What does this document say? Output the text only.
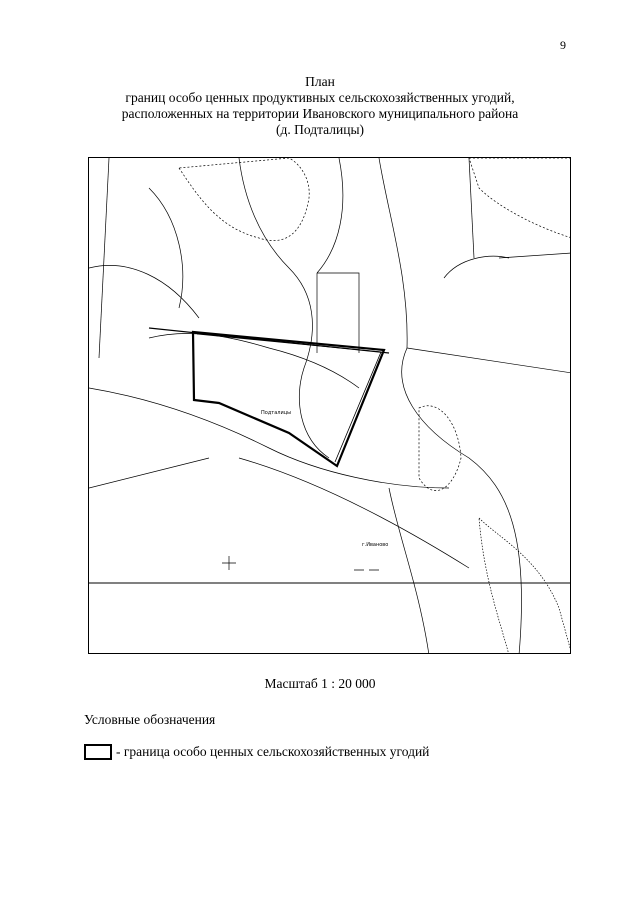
9
План
границ особо ценных продуктивных сельскохозяйственных угодий,
расположенных на территории Ивановского муниципального района
(д. Подталицы)
Подталицы
г.Иваново
Масштаб 1 : 20 000
Условные обозначения
- граница особо ценных сельскохозяйственных угодий
